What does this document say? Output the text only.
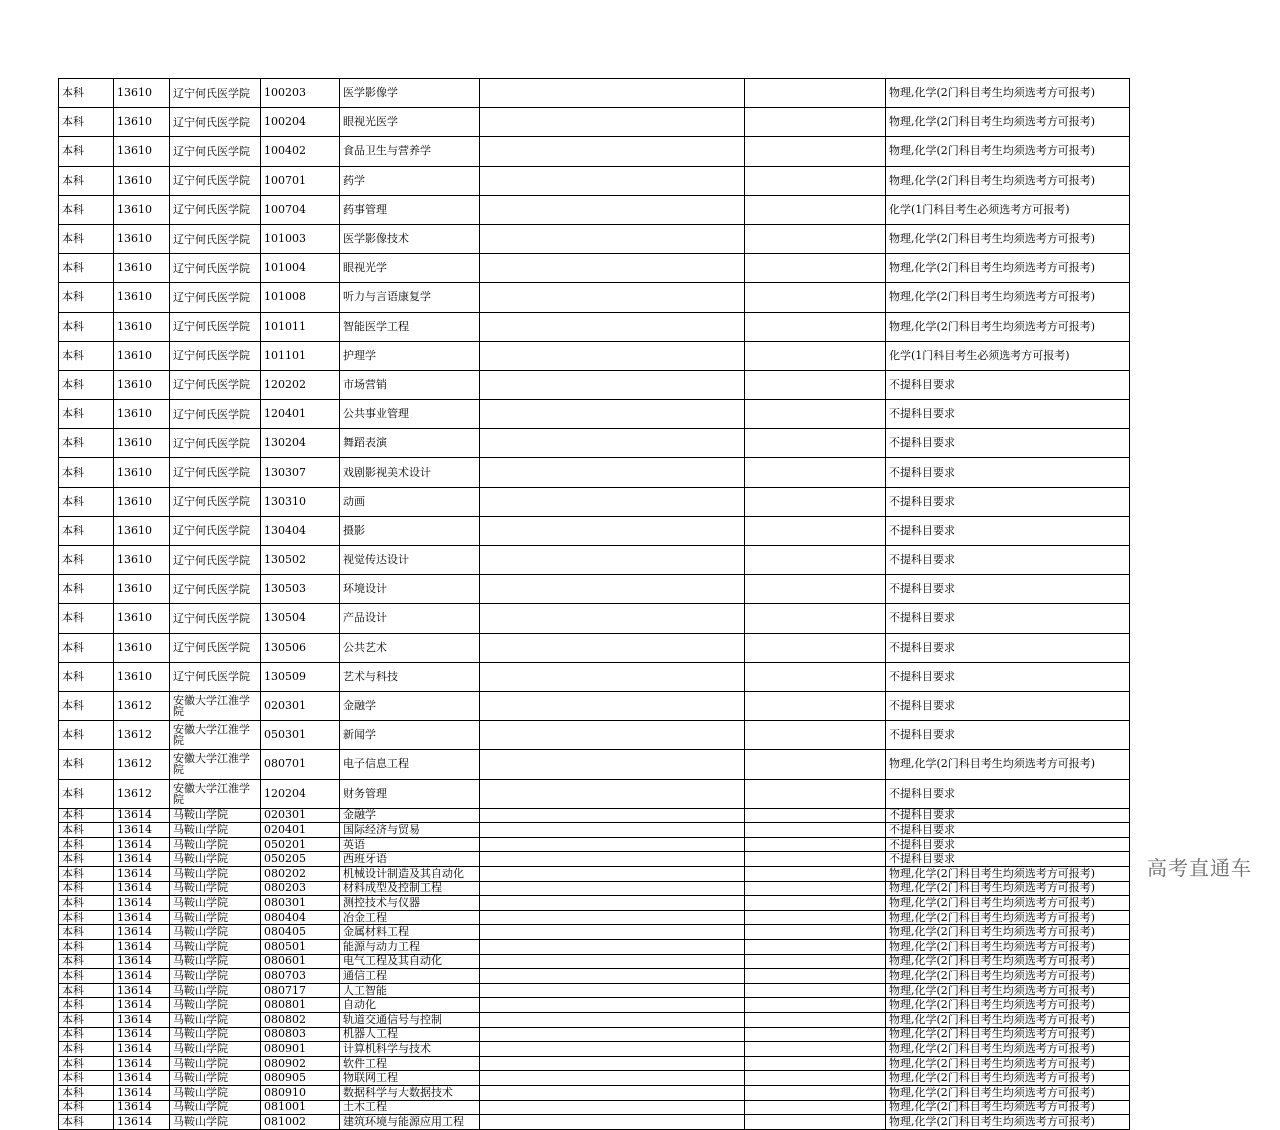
本科	13610	辽宁何氏医学院	100203	医学影像学			物理,化学(2门科目考生均须选考方可报考)
本科	13610	辽宁何氏医学院	100204	眼视光医学			物理,化学(2门科目考生均须选考方可报考)
本科	13610	辽宁何氏医学院	100402	食品卫生与营养学			物理,化学(2门科目考生均须选考方可报考)
本科	13610	辽宁何氏医学院	100701	药学			物理,化学(2门科目考生均须选考方可报考)
本科	13610	辽宁何氏医学院	100704	药事管理			化学(1门科目考生必须选考方可报考)
本科	13610	辽宁何氏医学院	101003	医学影像技术			物理,化学(2门科目考生均须选考方可报考)
本科	13610	辽宁何氏医学院	101004	眼视光学			物理,化学(2门科目考生均须选考方可报考)
本科	13610	辽宁何氏医学院	101008	听力与言语康复学			物理,化学(2门科目考生均须选考方可报考)
本科	13610	辽宁何氏医学院	101011	智能医学工程			物理,化学(2门科目考生均须选考方可报考)
本科	13610	辽宁何氏医学院	101101	护理学			化学(1门科目考生必须选考方可报考)
本科	13610	辽宁何氏医学院	120202	市场营销			不提科目要求
本科	13610	辽宁何氏医学院	120401	公共事业管理			不提科目要求
本科	13610	辽宁何氏医学院	130204	舞蹈表演			不提科目要求
本科	13610	辽宁何氏医学院	130307	戏剧影视美术设计			不提科目要求
本科	13610	辽宁何氏医学院	130310	动画			不提科目要求
本科	13610	辽宁何氏医学院	130404	摄影			不提科目要求
本科	13610	辽宁何氏医学院	130502	视觉传达设计			不提科目要求
本科	13610	辽宁何氏医学院	130503	环境设计			不提科目要求
本科	13610	辽宁何氏医学院	130504	产品设计			不提科目要求
本科	13610	辽宁何氏医学院	130506	公共艺术			不提科目要求
本科	13610	辽宁何氏医学院	130509	艺术与科技			不提科目要求
本科	13612	安徽大学江淮学院	020301	金融学			不提科目要求
本科	13612	安徽大学江淮学院	050301	新闻学			不提科目要求
本科	13612	安徽大学江淮学院	080701	电子信息工程			物理,化学(2门科目考生均须选考方可报考)
本科	13612	安徽大学江淮学院	120204	财务管理			不提科目要求
本科	13614	马鞍山学院	020301	金融学			不提科目要求
本科	13614	马鞍山学院	020401	国际经济与贸易			不提科目要求
本科	13614	马鞍山学院	050201	英语			不提科目要求
本科	13614	马鞍山学院	050205	西班牙语			不提科目要求
本科	13614	马鞍山学院	080202	机械设计制造及其自动化			物理,化学(2门科目考生均须选考方可报考)
本科	13614	马鞍山学院	080203	材料成型及控制工程			物理,化学(2门科目考生均须选考方可报考)
本科	13614	马鞍山学院	080301	测控技术与仪器			物理,化学(2门科目考生均须选考方可报考)
本科	13614	马鞍山学院	080404	冶金工程			物理,化学(2门科目考生均须选考方可报考)
本科	13614	马鞍山学院	080405	金属材料工程			物理,化学(2门科目考生均须选考方可报考)
本科	13614	马鞍山学院	080501	能源与动力工程			物理,化学(2门科目考生均须选考方可报考)
本科	13614	马鞍山学院	080601	电气工程及其自动化			物理,化学(2门科目考生均须选考方可报考)
本科	13614	马鞍山学院	080703	通信工程			物理,化学(2门科目考生均须选考方可报考)
本科	13614	马鞍山学院	080717	人工智能			物理,化学(2门科目考生均须选考方可报考)
本科	13614	马鞍山学院	080801	自动化			物理,化学(2门科目考生均须选考方可报考)
本科	13614	马鞍山学院	080802	轨道交通信号与控制			物理,化学(2门科目考生均须选考方可报考)
本科	13614	马鞍山学院	080803	机器人工程			物理,化学(2门科目考生均须选考方可报考)
本科	13614	马鞍山学院	080901	计算机科学与技术			物理,化学(2门科目考生均须选考方可报考)
本科	13614	马鞍山学院	080902	软件工程			物理,化学(2门科目考生均须选考方可报考)
本科	13614	马鞍山学院	080905	物联网工程			物理,化学(2门科目考生均须选考方可报考)
本科	13614	马鞍山学院	080910	数据科学与大数据技术			物理,化学(2门科目考生均须选考方可报考)
本科	13614	马鞍山学院	081001	土木工程			物理,化学(2门科目考生均须选考方可报考)
本科	13614	马鞍山学院	081002	建筑环境与能源应用工程			物理,化学(2门科目考生均须选考方可报考)
高考直通车
